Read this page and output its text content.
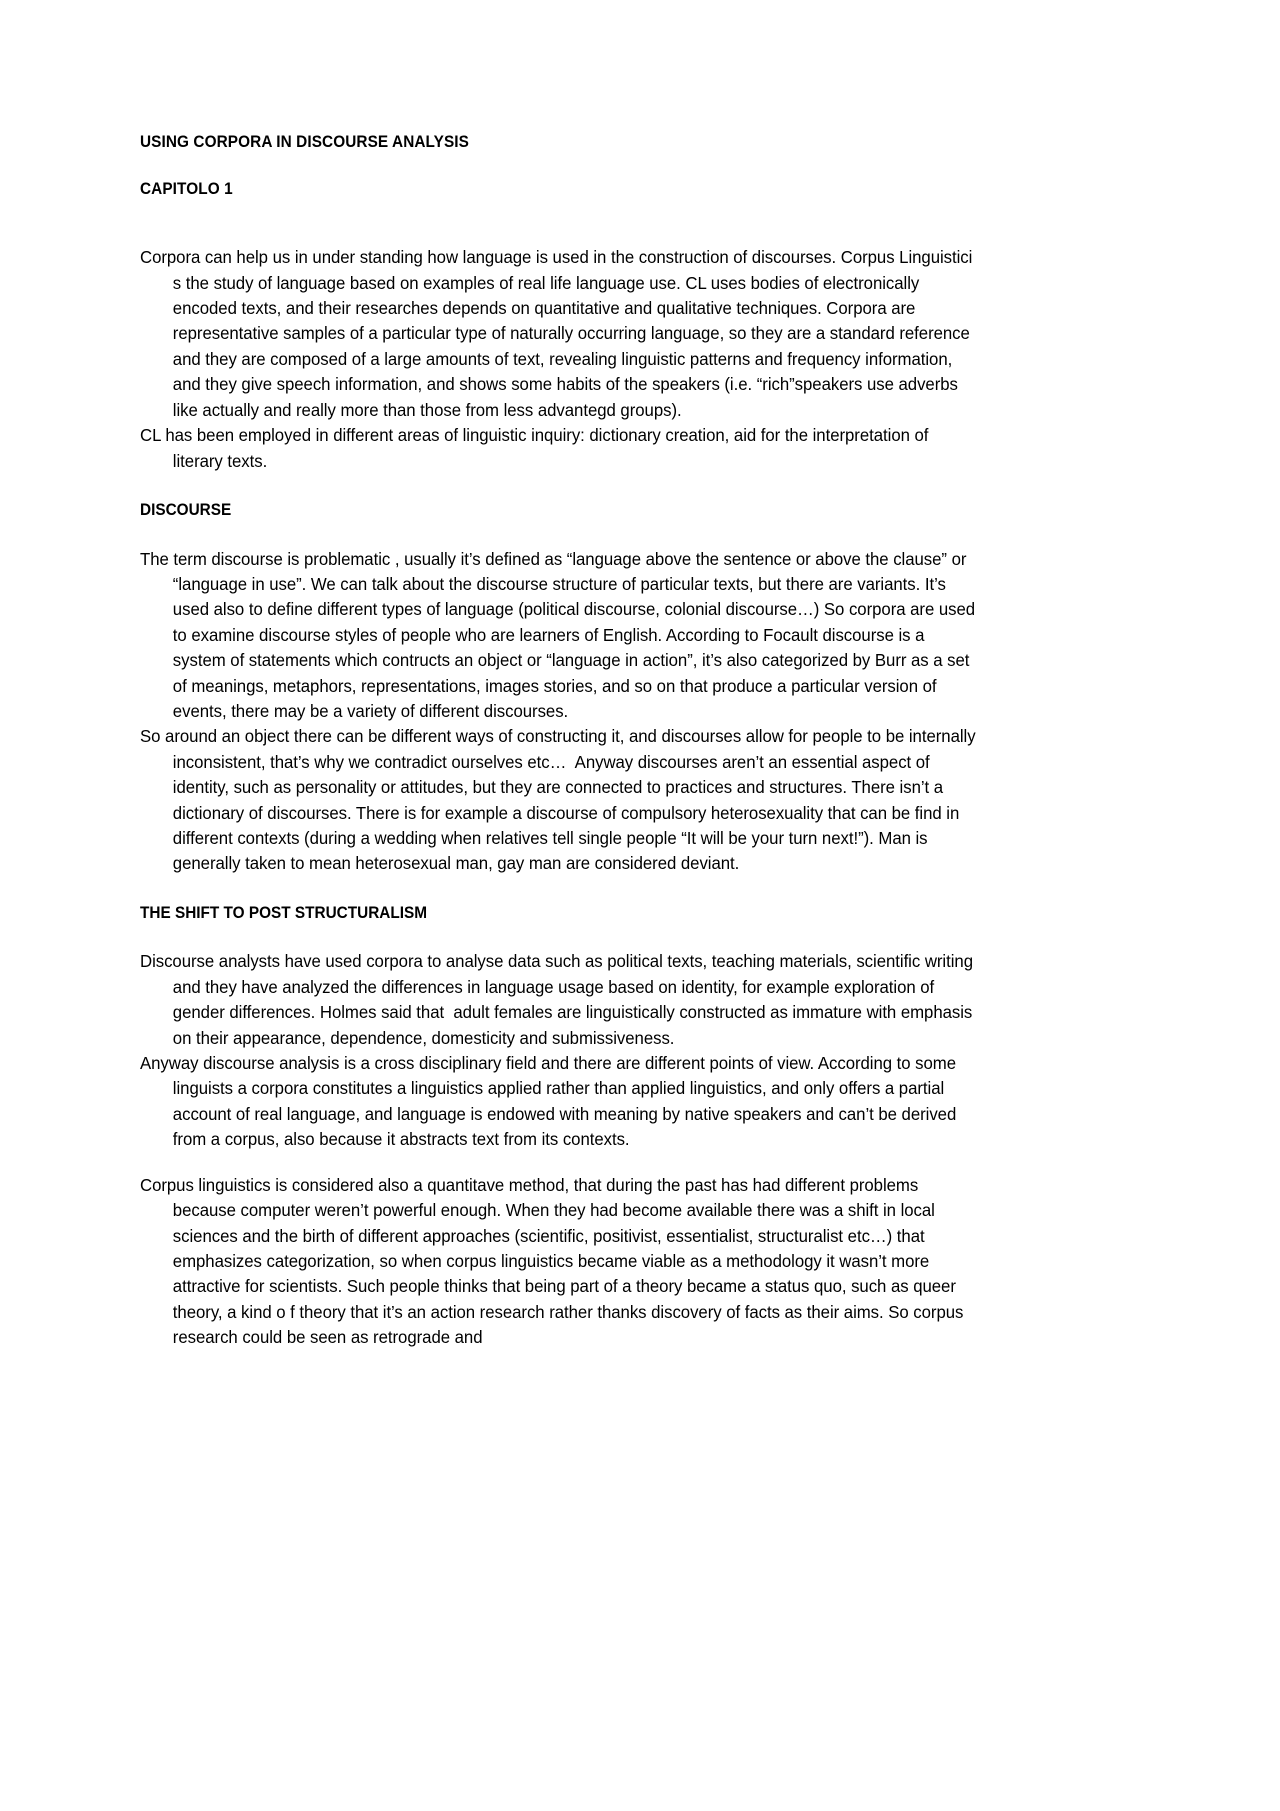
USING CORPORA IN DISCOURSE ANALYSIS
CAPITOLO 1

Corpora can help us in under standing how language is used in the construction of discourses. Corpus Linguistici s the study of language based on examples of real life language use. CL uses bodies of electronically encoded texts, and their researches depends on quantitative and qualitative techniques. Corpora are representative samples of a particular type of naturally occurring language, so they are a standard reference and they are composed of a large amounts of text, revealing linguistic patterns and frequency information, and they give speech information, and shows some habits of the speakers (i.e. “rich”speakers use adverbs like actually and really more than those from less advantegd groups).

CL has been employed in different areas of linguistic inquiry: dictionary creation, aid for the interpretation of literary texts.

DISCOURSE

The term discourse is problematic , usually it’s defined as “language above the sentence or above the clause” or “language in use”. We can talk about the discourse structure of particular texts, but there are variants. It’s used also to define different types of language (political discourse, colonial discourse…) So corpora are used to examine discourse styles of people who are learners of English. According to Focault discourse is a system of statements which contructs an object or “language in action”, it’s also categorized by Burr as a set of meanings, metaphors, representations, images stories, and so on that produce a particular version of events, there may be a variety of different discourses.

So around an object there can be different ways of constructing it, and discourses allow for people to be internally inconsistent, that’s why we contradict ourselves etc…  Anyway discourses aren’t an essential aspect of identity, such as personality or attitudes, but they are connected to practices and structures. There isn’t a dictionary of discourses. There is for example a discourse of compulsory heterosexuality that can be find in different contexts (during a wedding when relatives tell single people “It will be your turn next!”). Man is generally taken to mean heterosexual man, gay man are considered deviant.

THE SHIFT TO POST STRUCTURALISM

Discourse analysts have used corpora to analyse data such as political texts, teaching materials, scientific writing and they have analyzed the differences in language usage based on identity, for example exploration of gender differences. Holmes said that  adult females are linguistically constructed as immature with emphasis on their appearance, dependence, domesticity and submissiveness.

Anyway discourse analysis is a cross disciplinary field and there are different points of view. According to some linguists a corpora constitutes a linguistics applied rather than applied linguistics, and only offers a partial account of real language, and language is endowed with meaning by native speakers and can’t be derived from a corpus, also because it abstracts text from its contexts.

Corpus linguistics is considered also a quantitave method, that during the past has had different problems because computer weren’t powerful enough. When they had become available there was a shift in local sciences and the birth of different approaches (scientific, positivist, essentialist, structuralist etc…) that emphasizes categorization, so when corpus linguistics became viable as a methodology it wasn’t more attractive for scientists. Such people thinks that being part of a theory became a status quo, such as queer theory, a kind o f theory that it’s an action research rather thanks discovery of facts as their aims. So corpus research could be seen as retrograde and
